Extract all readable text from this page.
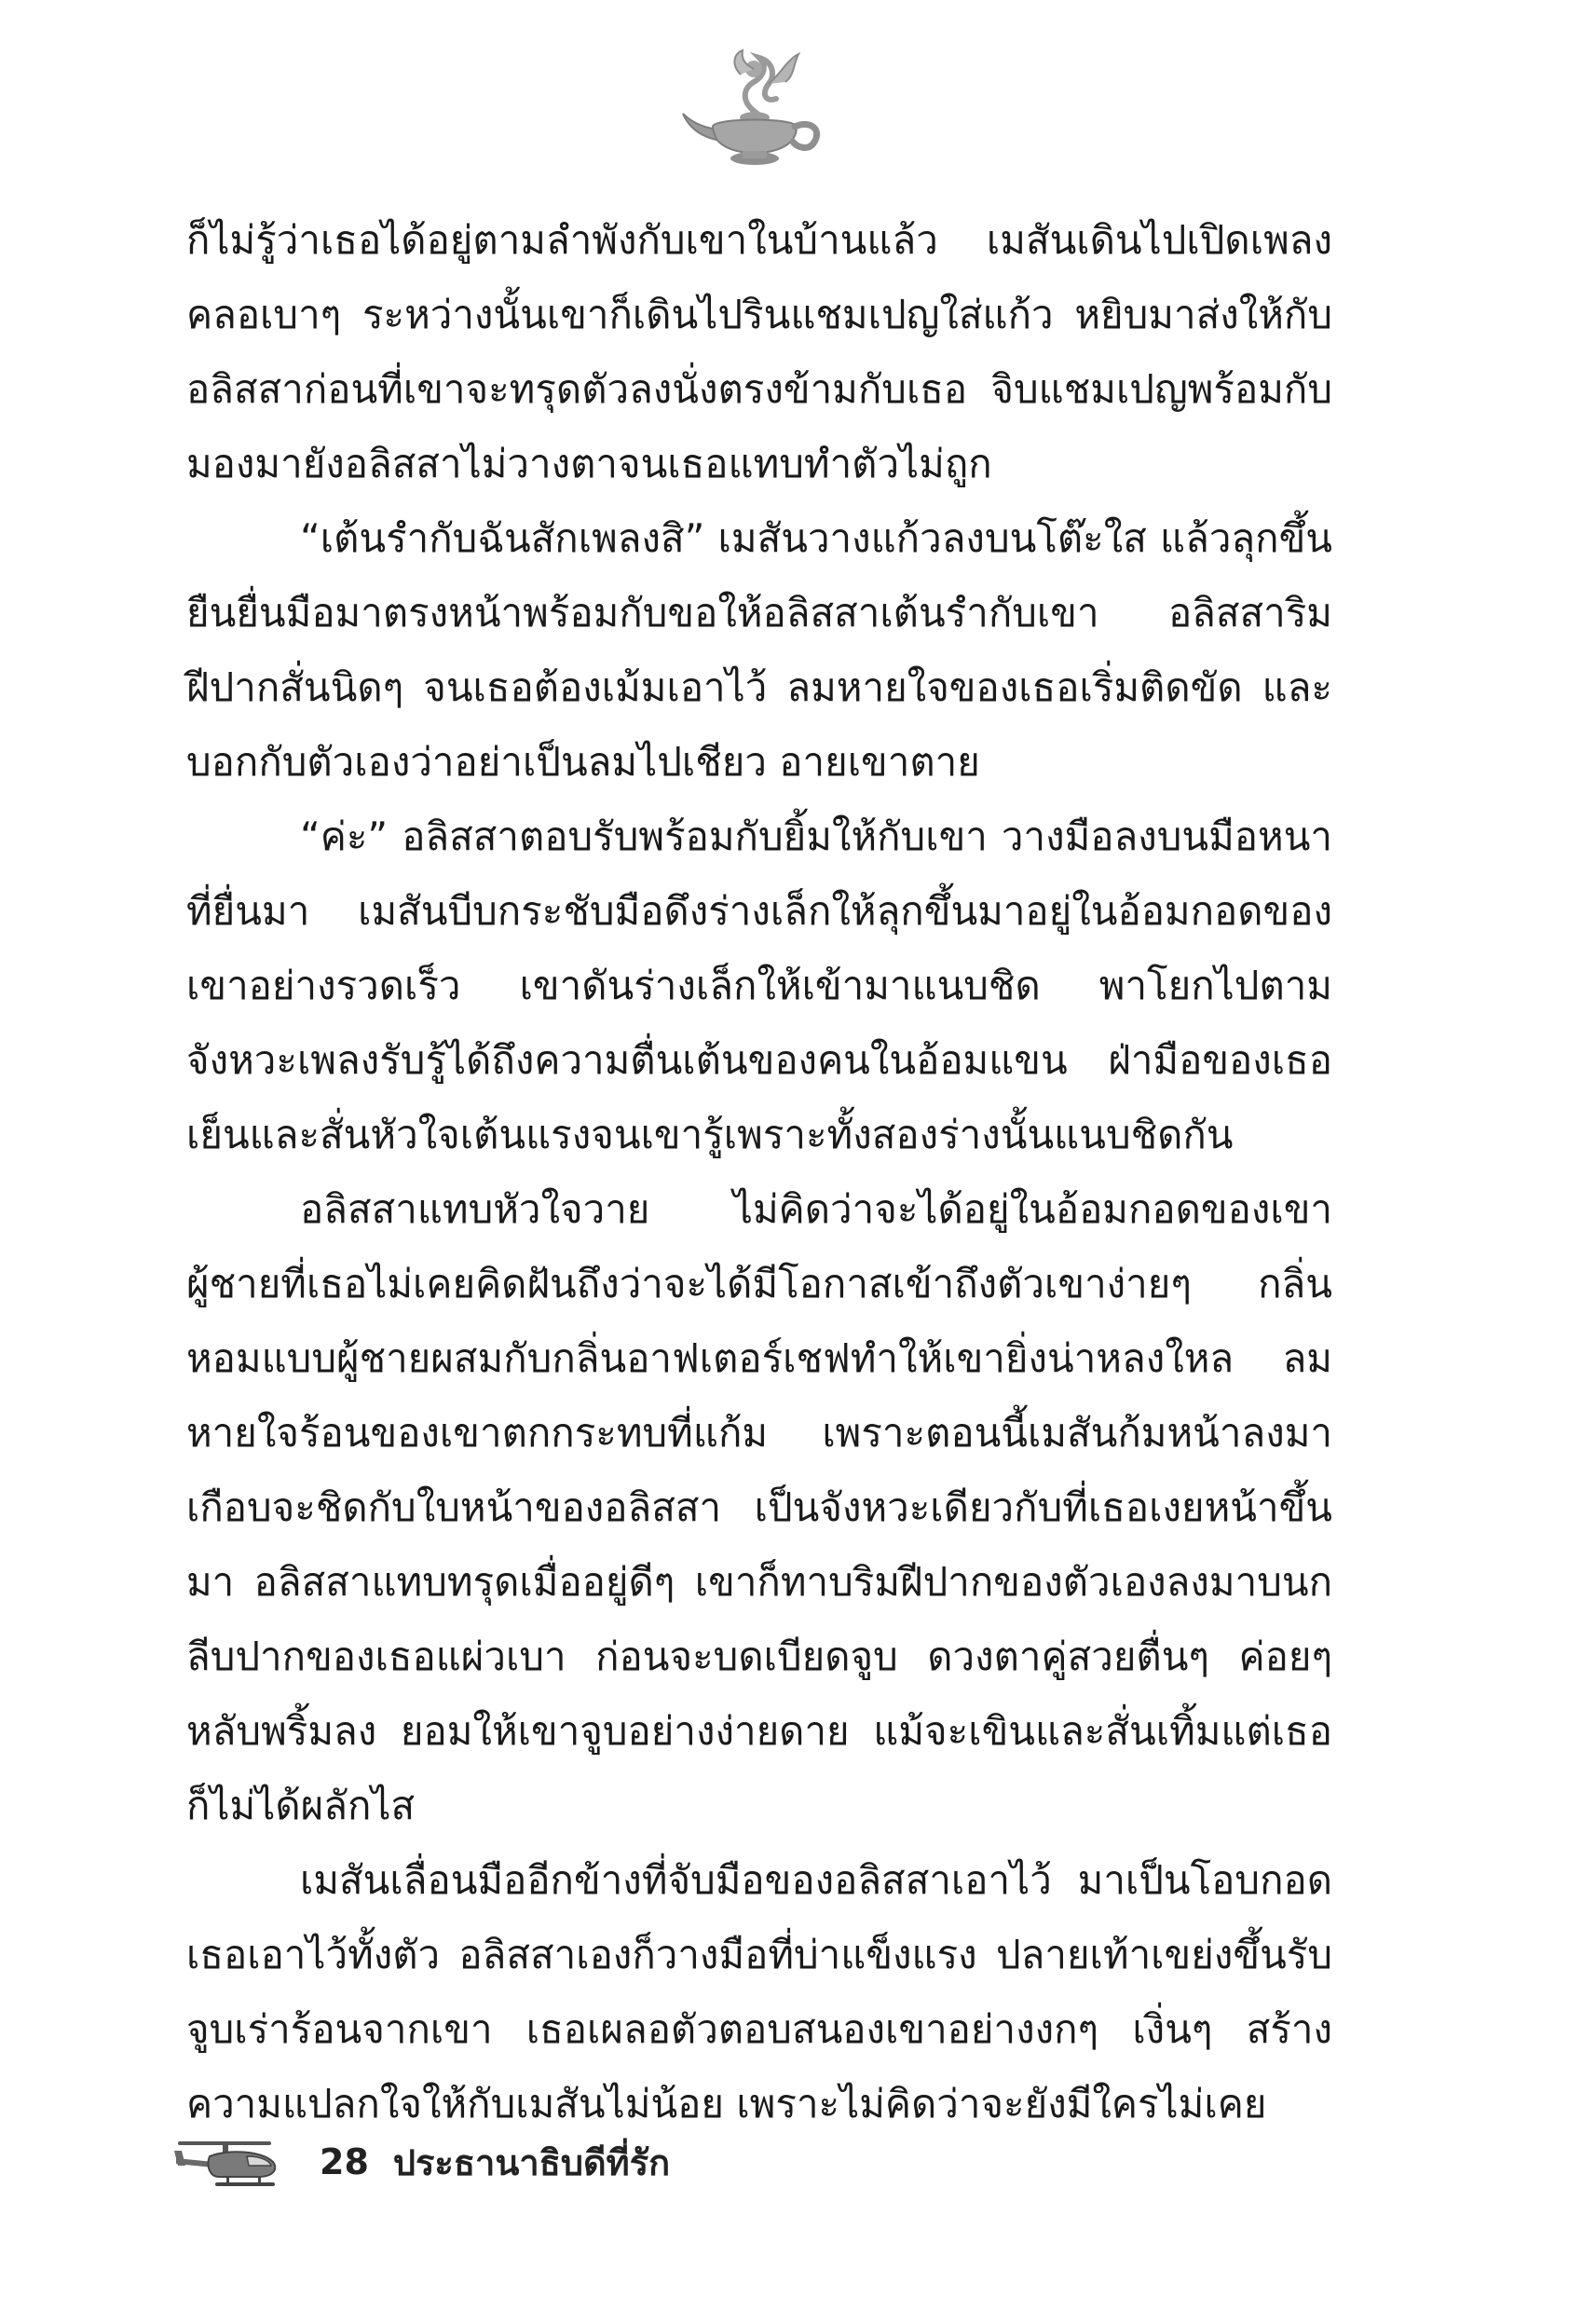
ก็ไม่รู้ว่าเธอได้อยู่ตามลำพังกับเขาในบ้านแล้ว เมสันเดินไปเปิดเพลงคลอเบาๆ ระหว่างนั้นเขาก็เดินไปรินแชมเปญใส่แก้ว หยิบมาส่งให้กับอลิสสาก่อนที่เขาจะทรุดตัวลงนั่งตรงข้ามกับเธอ จิบแชมเปญพร้อมกับมองมายังอลิสสาไม่วางตาจนเธอแทบทำตัวไม่ถูก

“เต้นรำกับฉันสักเพลงสิ” เมสันวางแก้วลงบนโต๊ะใส แล้วลุกขึ้นยืนยื่นมือมาตรงหน้าพร้อมกับขอให้อลิสสาเต้นรำกับเขา อลิสสาริมฝีปากสั่นนิดๆ จนเธอต้องเม้มเอาไว้ ลมหายใจของเธอเริ่มติดขัด และบอกกับตัวเองว่าอย่าเป็นลมไปเชียว อายเขาตาย

“ค่ะ” อลิสสาตอบรับพร้อมกับยิ้มให้กับเขา วางมือลงบนมือหนาที่ยื่นมา เมสันบีบกระชับมือดึงร่างเล็กให้ลุกขึ้นมาอยู่ในอ้อมกอดของเขาอย่างรวดเร็ว เขาดันร่างเล็กให้เข้ามาแนบชิด พาโยกไปตามจังหวะเพลงรับรู้ได้ถึงความตื่นเต้นของคนในอ้อมแขน ฝ่ามือของเธอเย็นและสั่นหัวใจเต้นแรงจนเขารู้เพราะทั้งสองร่างนั้นแนบชิดกัน

อลิสสาแทบหัวใจวาย ไม่คิดว่าจะได้อยู่ในอ้อมกอดของเขา ผู้ชายที่เธอไม่เคยคิดฝันถึงว่าจะได้มีโอกาสเข้าถึงตัวเขาง่ายๆ กลิ่นหอมแบบผู้ชายผสมกับกลิ่นอาฟเตอร์เชฟทำให้เขายิ่งน่าหลงใหล ลมหายใจร้อนของเขาตกกระทบที่แก้ม เพราะตอนนี้เมสันก้มหน้าลงมาเกือบจะชิดกับใบหน้าของอลิสสา เป็นจังหวะเดียวกับที่เธอเงยหน้าขึ้นมา อลิสสาแทบทรุดเมื่ออยู่ดีๆ เขาก็ทาบริมฝีปากของตัวเองลงมาบนกลีบปากของเธอแผ่วเบา ก่อนจะบดเบียดจูบ ดวงตาคู่สวยตื่นๆ ค่อยๆ หลับพริ้มลง ยอมให้เขาจูบอย่างง่ายดาย แม้จะเขินและสั่นเทิ้มแต่เธอก็ไม่ได้ผลักไส

เมสันเลื่อนมืออีกข้างที่จับมือของอลิสสาเอาไว้ มาเป็นโอบกอดเธอเอาไว้ทั้งตัว อลิสสาเองก็วางมือที่บ่าแข็งแรง ปลายเท้าเขย่งขึ้นรับจูบเร่าร้อนจากเขา เธอเผลอตัวตอบสนองเขาอย่างงกๆ เงิ่นๆ สร้างความแปลกใจให้กับเมสันไม่น้อย เพราะไม่คิดว่าจะยังมีใครไม่เคย

28 ประธานาธิบดีที่รัก
